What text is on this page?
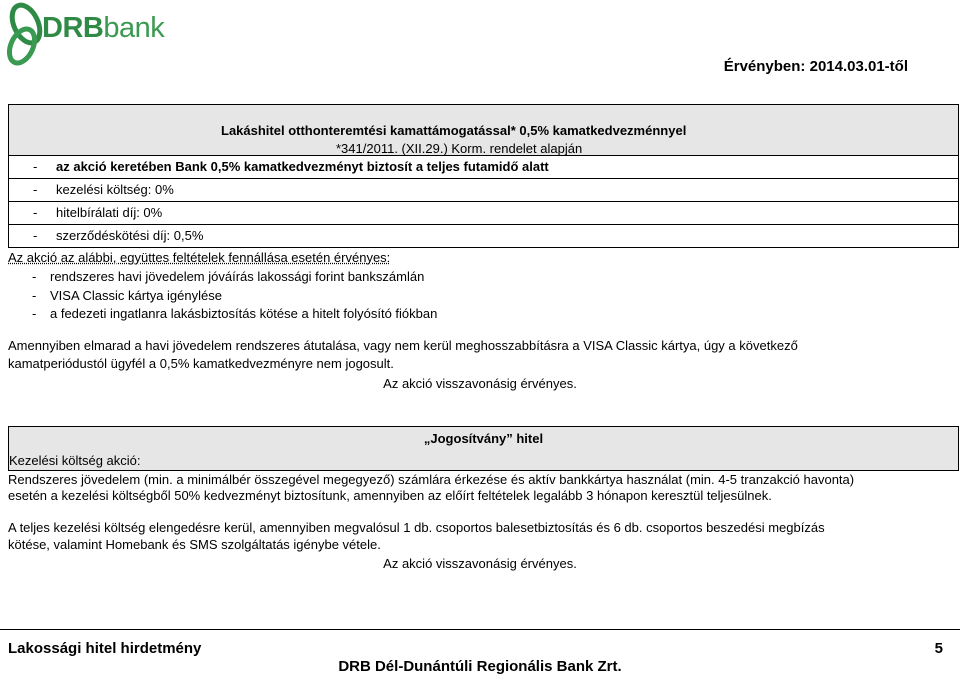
DRBbank
Érvényben: 2014.03.01-től
Lakáshitel otthonteremtési kamattámogatással* 0,5% kamatkedvezménnyel
*341/2011. (XII.29.) Korm. rendelet alapján
- az akció keretében Bank 0,5% kamatkedvezményt biztosít a teljes futamidő alatt
- kezelési költség: 0%
- hitelbírálati díj: 0%
- szerződéskötési díj: 0,5%
Az akció az alábbi, együttes feltételek fennállása esetén érvényes:
- rendszeres havi jövedelem jóváírás lakossági forint bankszámlán
- VISA Classic kártya igénylése
- a fedezeti ingatlanra lakásbiztosítás kötése a hitelt folyósító fiókban
Amennyiben elmarad a havi jövedelem rendszeres átutalása, vagy nem kerül meghosszabbításra a VISA Classic kártya, úgy a következő
kamatperiódustól ügyfél a 0,5% kamatkedvezményre nem jogosult.
Az akció visszavonásig érvényes.
„Jogosítvány” hitel
Kezelési költség akció:
Rendszeres jövedelem (min. a minimálbér összegével megegyező) számlára érkezése és aktív bankkártya használat (min. 4-5 tranzakció havonta)
esetén a kezelési költségből 50% kedvezményt biztosítunk, amennyiben az előírt feltételek legalább 3 hónapon keresztül teljesülnek.
A teljes kezelési költség elengedésre kerül, amennyiben megvalósul 1 db. csoportos balesetbiztosítás és 6 db. csoportos beszedési megbízás
kötése, valamint Homebank és SMS szolgáltatás igénybe vétele.
Az akció visszavonásig érvényes.
Lakossági hitel hirdetmény	5
DRB Dél-Dunántúli Regionális Bank Zrt.
